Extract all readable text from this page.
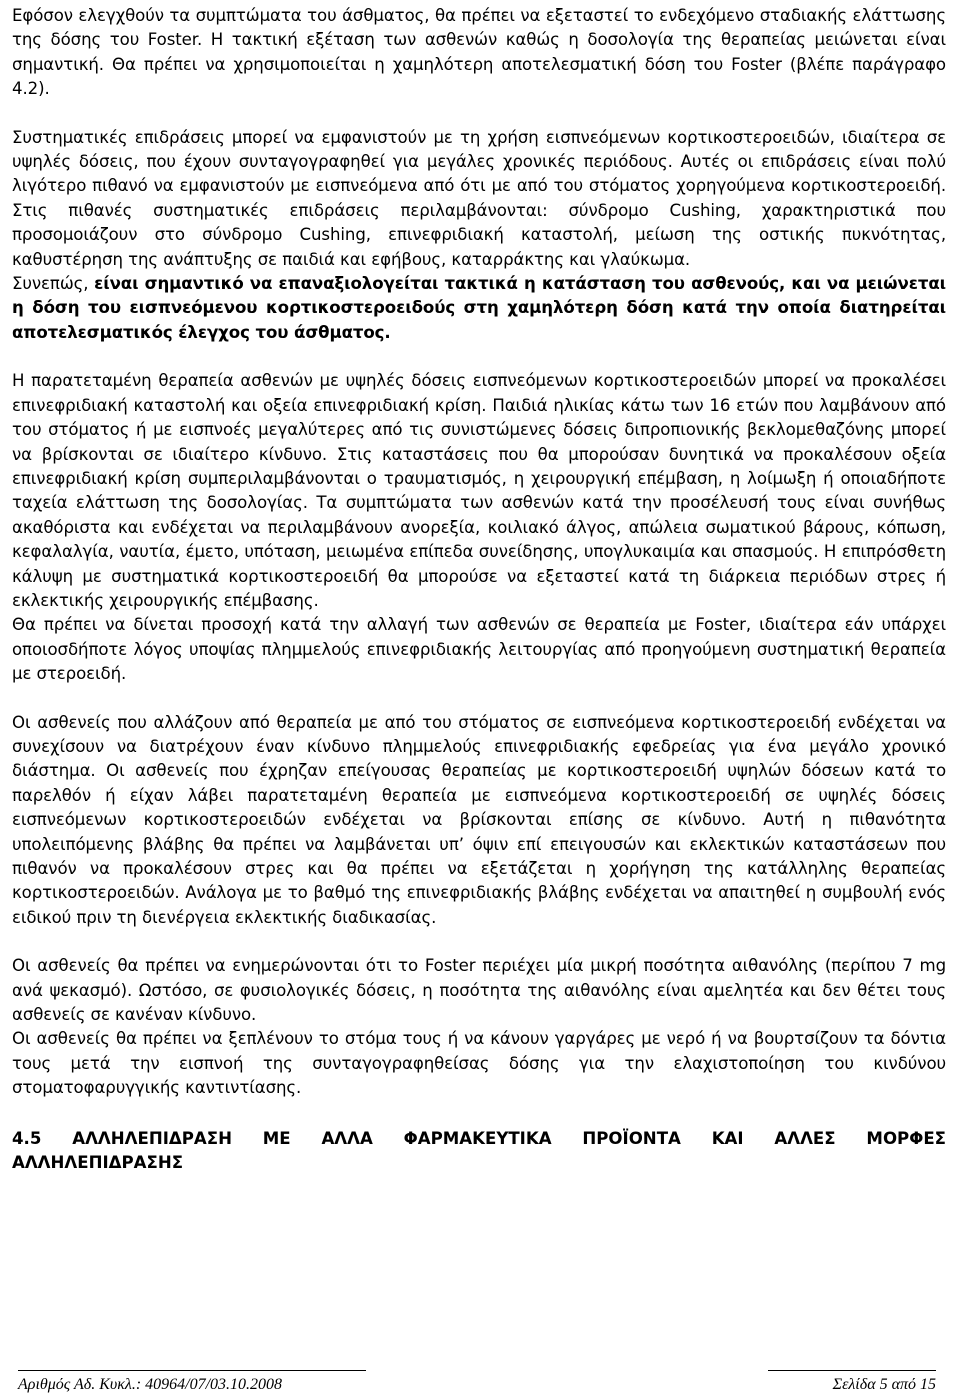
Εφόσον ελεγχθούν τα συμπτώματα του άσθματος, θα πρέπει να εξεταστεί το ενδεχόμενο σταδιακής ελάττωσης της δόσης του Foster. Η τακτική εξέταση των ασθενών καθώς η δοσολογία της θεραπείας μειώνεται είναι σημαντική. Θα πρέπει να χρησιμοποιείται η χαμηλότερη αποτελεσματική δόση του Foster (βλέπε παράγραφο 4.2).

Συστηματικές επιδράσεις μπορεί να εμφανιστούν με τη χρήση εισπνεόμενων κορτικοστεροειδών, ιδιαίτερα σε υψηλές δόσεις, που έχουν συνταγογραφηθεί για μεγάλες χρονικές περιόδους. Αυτές οι επιδράσεις είναι πολύ λιγότερο πιθανό να εμφανιστούν με εισπνεόμενα από ότι με από του στόματος χορηγούμενα κορτικοστεροειδή. Στις πιθανές συστηματικές επιδράσεις περιλαμβάνονται: σύνδρομο Cushing, χαρακτηριστικά που προσομοιάζουν στο σύνδρομο Cushing, επινεφριδιακή καταστολή, μείωση της οστικής πυκνότητας, καθυστέρηση της ανάπτυξης σε παιδιά και εφήβους, καταρράκτης και γλαύκωμα.

Συνεπώς, είναι σημαντικό να επαναξιολογείται τακτικά η κατάσταση του ασθενούς, και να μειώνεται η δόση του εισπνεόμενου κορτικοστεροειδούς στη χαμηλότερη δόση κατά την οποία διατηρείται αποτελεσματικός έλεγχος του άσθματος.

Η παρατεταμένη θεραπεία ασθενών με υψηλές δόσεις εισπνεόμενων κορτικοστεροειδών μπορεί να προκαλέσει επινεφριδιακή καταστολή και οξεία επινεφριδιακή κρίση. Παιδιά ηλικίας κάτω των 16 ετών που λαμβάνουν από του στόματος ή με εισπνοές μεγαλύτερες από τις συνιστώμενες δόσεις διπροπιονικής βεκλομεθαζόνης μπορεί να βρίσκονται σε ιδιαίτερο κίνδυνο. Στις καταστάσεις που θα μπορούσαν δυνητικά να προκαλέσουν οξεία επινεφριδιακή κρίση συμπεριλαμβάνονται ο τραυματισμός, η χειρουργική επέμβαση, η λοίμωξη ή οποιαδήποτε ταχεία ελάττωση της δοσολογίας. Τα συμπτώματα των ασθενών κατά την προσέλευσή τους είναι συνήθως ακαθόριστα και ενδέχεται να περιλαμβάνουν ανορεξία, κοιλιακό άλγος, απώλεια σωματικού βάρους, κόπωση, κεφαλαλγία, ναυτία, έμετο, υπόταση, μειωμένα επίπεδα συνείδησης, υπογλυκαιμία και σπασμούς. Η επιπρόσθετη κάλυψη με συστηματικά κορτικοστεροειδή θα μπορούσε να εξεταστεί κατά τη διάρκεια περιόδων στρες ή εκλεκτικής χειρουργικής επέμβασης.

Θα πρέπει να δίνεται προσοχή κατά την αλλαγή των ασθενών σε θεραπεία με Foster, ιδιαίτερα εάν υπάρχει οποιοσδήποτε λόγος υποψίας πλημμελούς επινεφριδιακής λειτουργίας από προηγούμενη συστηματική θεραπεία με στεροειδή.

Οι ασθενείς που αλλάζουν από θεραπεία με από του στόματος σε εισπνεόμενα κορτικοστεροειδή ενδέχεται να συνεχίσουν να διατρέχουν έναν κίνδυνο πλημμελούς επινεφριδιακής εφεδρείας για ένα μεγάλο χρονικό διάστημα. Οι ασθενείς που έχρηζαν επείγουσας θεραπείας με κορτικοστεροειδή υψηλών δόσεων κατά το παρελθόν ή είχαν λάβει παρατεταμένη θεραπεία με εισπνεόμενα κορτικοστεροειδή σε υψηλές δόσεις εισπνεόμενων κορτικοστεροειδών ενδέχεται να βρίσκονται επίσης σε κίνδυνο. Αυτή η πιθανότητα υπολειπόμενης βλάβης θα πρέπει να λαμβάνεται υπ’ όψιν επί επειγουσών και εκλεκτικών καταστάσεων που πιθανόν να προκαλέσουν στρες και θα πρέπει να εξετάζεται η χορήγηση της κατάλληλης θεραπείας κορτικοστεροειδών. Ανάλογα με το βαθμό της επινεφριδιακής βλάβης ενδέχεται να απαιτηθεί η συμβουλή ενός ειδικού πριν τη διενέργεια εκλεκτικής διαδικασίας.

Οι ασθενείς θα πρέπει να ενημερώνονται ότι το Foster περιέχει μία μικρή ποσότητα αιθανόλης (περίπου 7 mg ανά ψεκασμό). Ωστόσο, σε φυσιολογικές δόσεις, η ποσότητα της αιθανόλης είναι αμελητέα και δεν θέτει τους ασθενείς σε κανέναν κίνδυνο.

Οι ασθενείς θα πρέπει να ξεπλένουν το στόμα τους ή να κάνουν γαργάρες με νερό ή να βουρτσίζουν τα δόντια τους μετά την εισπνοή της συνταγογραφηθείσας δόσης για την ελαχιστοποίηση του κινδύνου στοματοφαρυγγικής καντιντίασης.

4.5 ΑΛΛΗΛΕΠΙΔΡΑΣΗ ΜΕ ΑΛΛΑ ΦΑΡΜΑΚΕΥΤΙΚΑ ΠΡΟΪΟΝΤΑ ΚΑΙ ΑΛΛΕΣ ΜΟΡΦΕΣ
ΑΛΛΗΛΕΠΙΔΡΑΣΗΣ
Αριθμός Αδ. Κυκλ.: 40964/07/03.10.2008	Σελίδα 5 από 15
